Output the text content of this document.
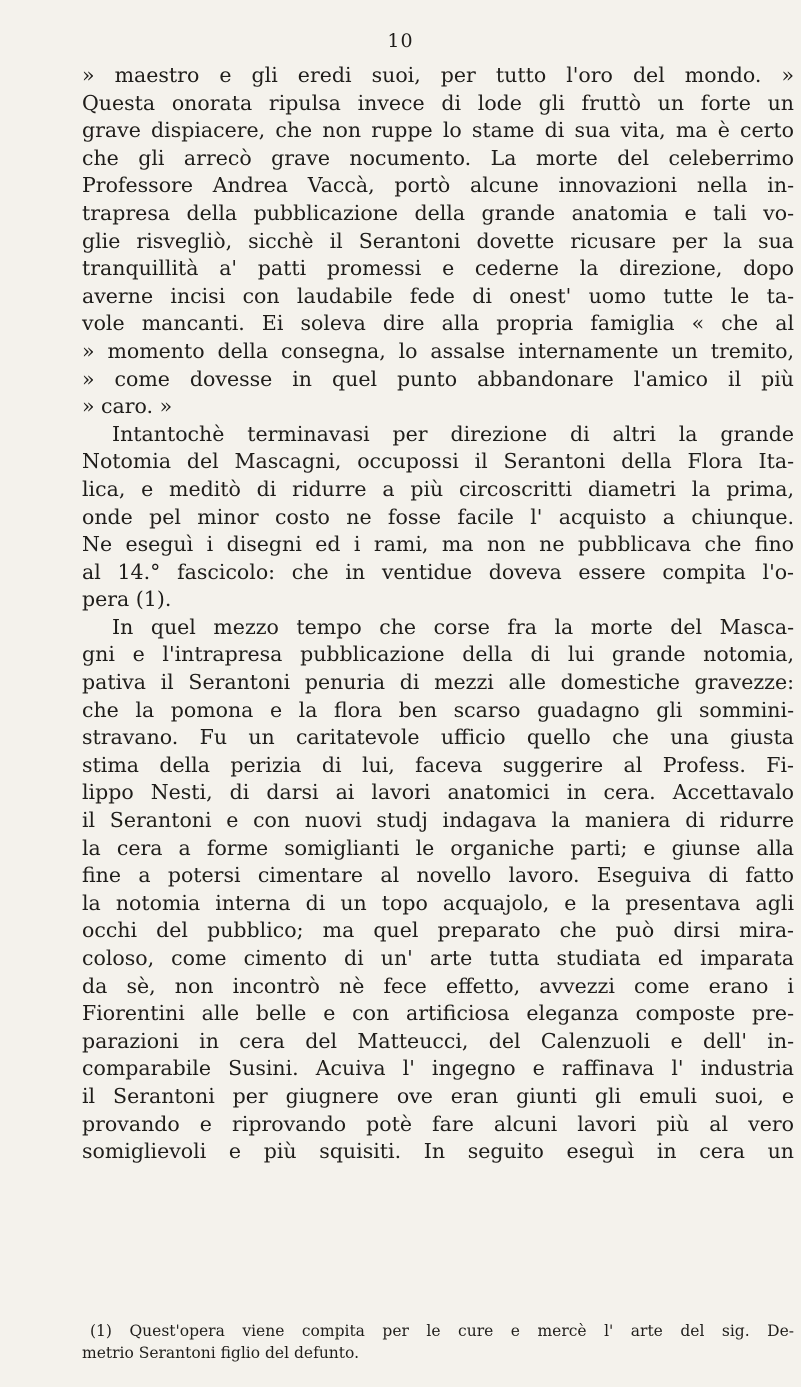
10
» maestro e gli eredi suoi, per tutto l'oro del mondo. »
Questa onorata ripulsa invece di lode gli fruttò un forte un
grave dispiacere, che non ruppe lo stame di sua vita, ma è certo
che gli arrecò grave nocumento. La morte del celeberrimo
Professore Andrea Vaccà, portò alcune innovazioni nella in-
trapresa della pubblicazione della grande anatomia e tali vo-
glie risvegliò, sicchè il Serantoni dovette ricusare per la sua
tranquillità a' patti promessi e cederne la direzione, dopo
averne incisi con laudabile fede di onest' uomo tutte le ta-
vole mancanti. Ei soleva dire alla propria famiglia « che al
» momento della consegna, lo assalse internamente un tremito,
» come dovesse in quel punto abbandonare l'amico il più
» caro. »
Intantochè terminavasi per direzione di altri la grande
Notomia del Mascagni, occupossi il Serantoni della Flora Ita-
lica, e meditò di ridurre a più circoscritti diametri la prima,
onde pel minor costo ne fosse facile l' acquisto a chiunque.
Ne eseguì i disegni ed i rami, ma non ne pubblicava che fino
al 14.° fascicolo: che in ventidue doveva essere compita l'o-
pera (1).
In quel mezzo tempo che corse fra la morte del Masca-
gni e l'intrapresa pubblicazione della di lui grande notomia,
pativa il Serantoni penuria di mezzi alle domestiche gravezze:
che la pomona e la flora ben scarso guadagno gli sommini-
stravano. Fu un caritatevole ufficio quello che una giusta
stima della perizia di lui, faceva suggerire al Profess. Fi-
lippo Nesti, di darsi ai lavori anatomici in cera. Accettavalo
il Serantoni e con nuovi studj indagava la maniera di ridurre
la cera a forme somiglianti le organiche parti; e giunse alla
fine a potersi cimentare al novello lavoro. Eseguiva di fatto
la notomia interna di un topo acquajolo, e la presentava agli
occhi del pubblico; ma quel preparato che può dirsi mira-
coloso, come cimento di un' arte tutta studiata ed imparata
da sè, non incontrò nè fece effetto, avvezzi come erano i
Fiorentini alle belle e con artificiosa eleganza composte pre-
parazioni in cera del Matteucci, del Calenzuoli e dell' in-
comparabile Susini. Acuiva l' ingegno e raffinava l' industria
il Serantoni per giugnere ove eran giunti gli emuli suoi, e
provando e riprovando potè fare alcuni lavori più al vero
somiglievoli e più squisiti. In seguito eseguì in cera un
(1) Quest'opera viene compita per le cure e mercè l' arte del sig. De-
metrio Serantoni figlio del defunto.
